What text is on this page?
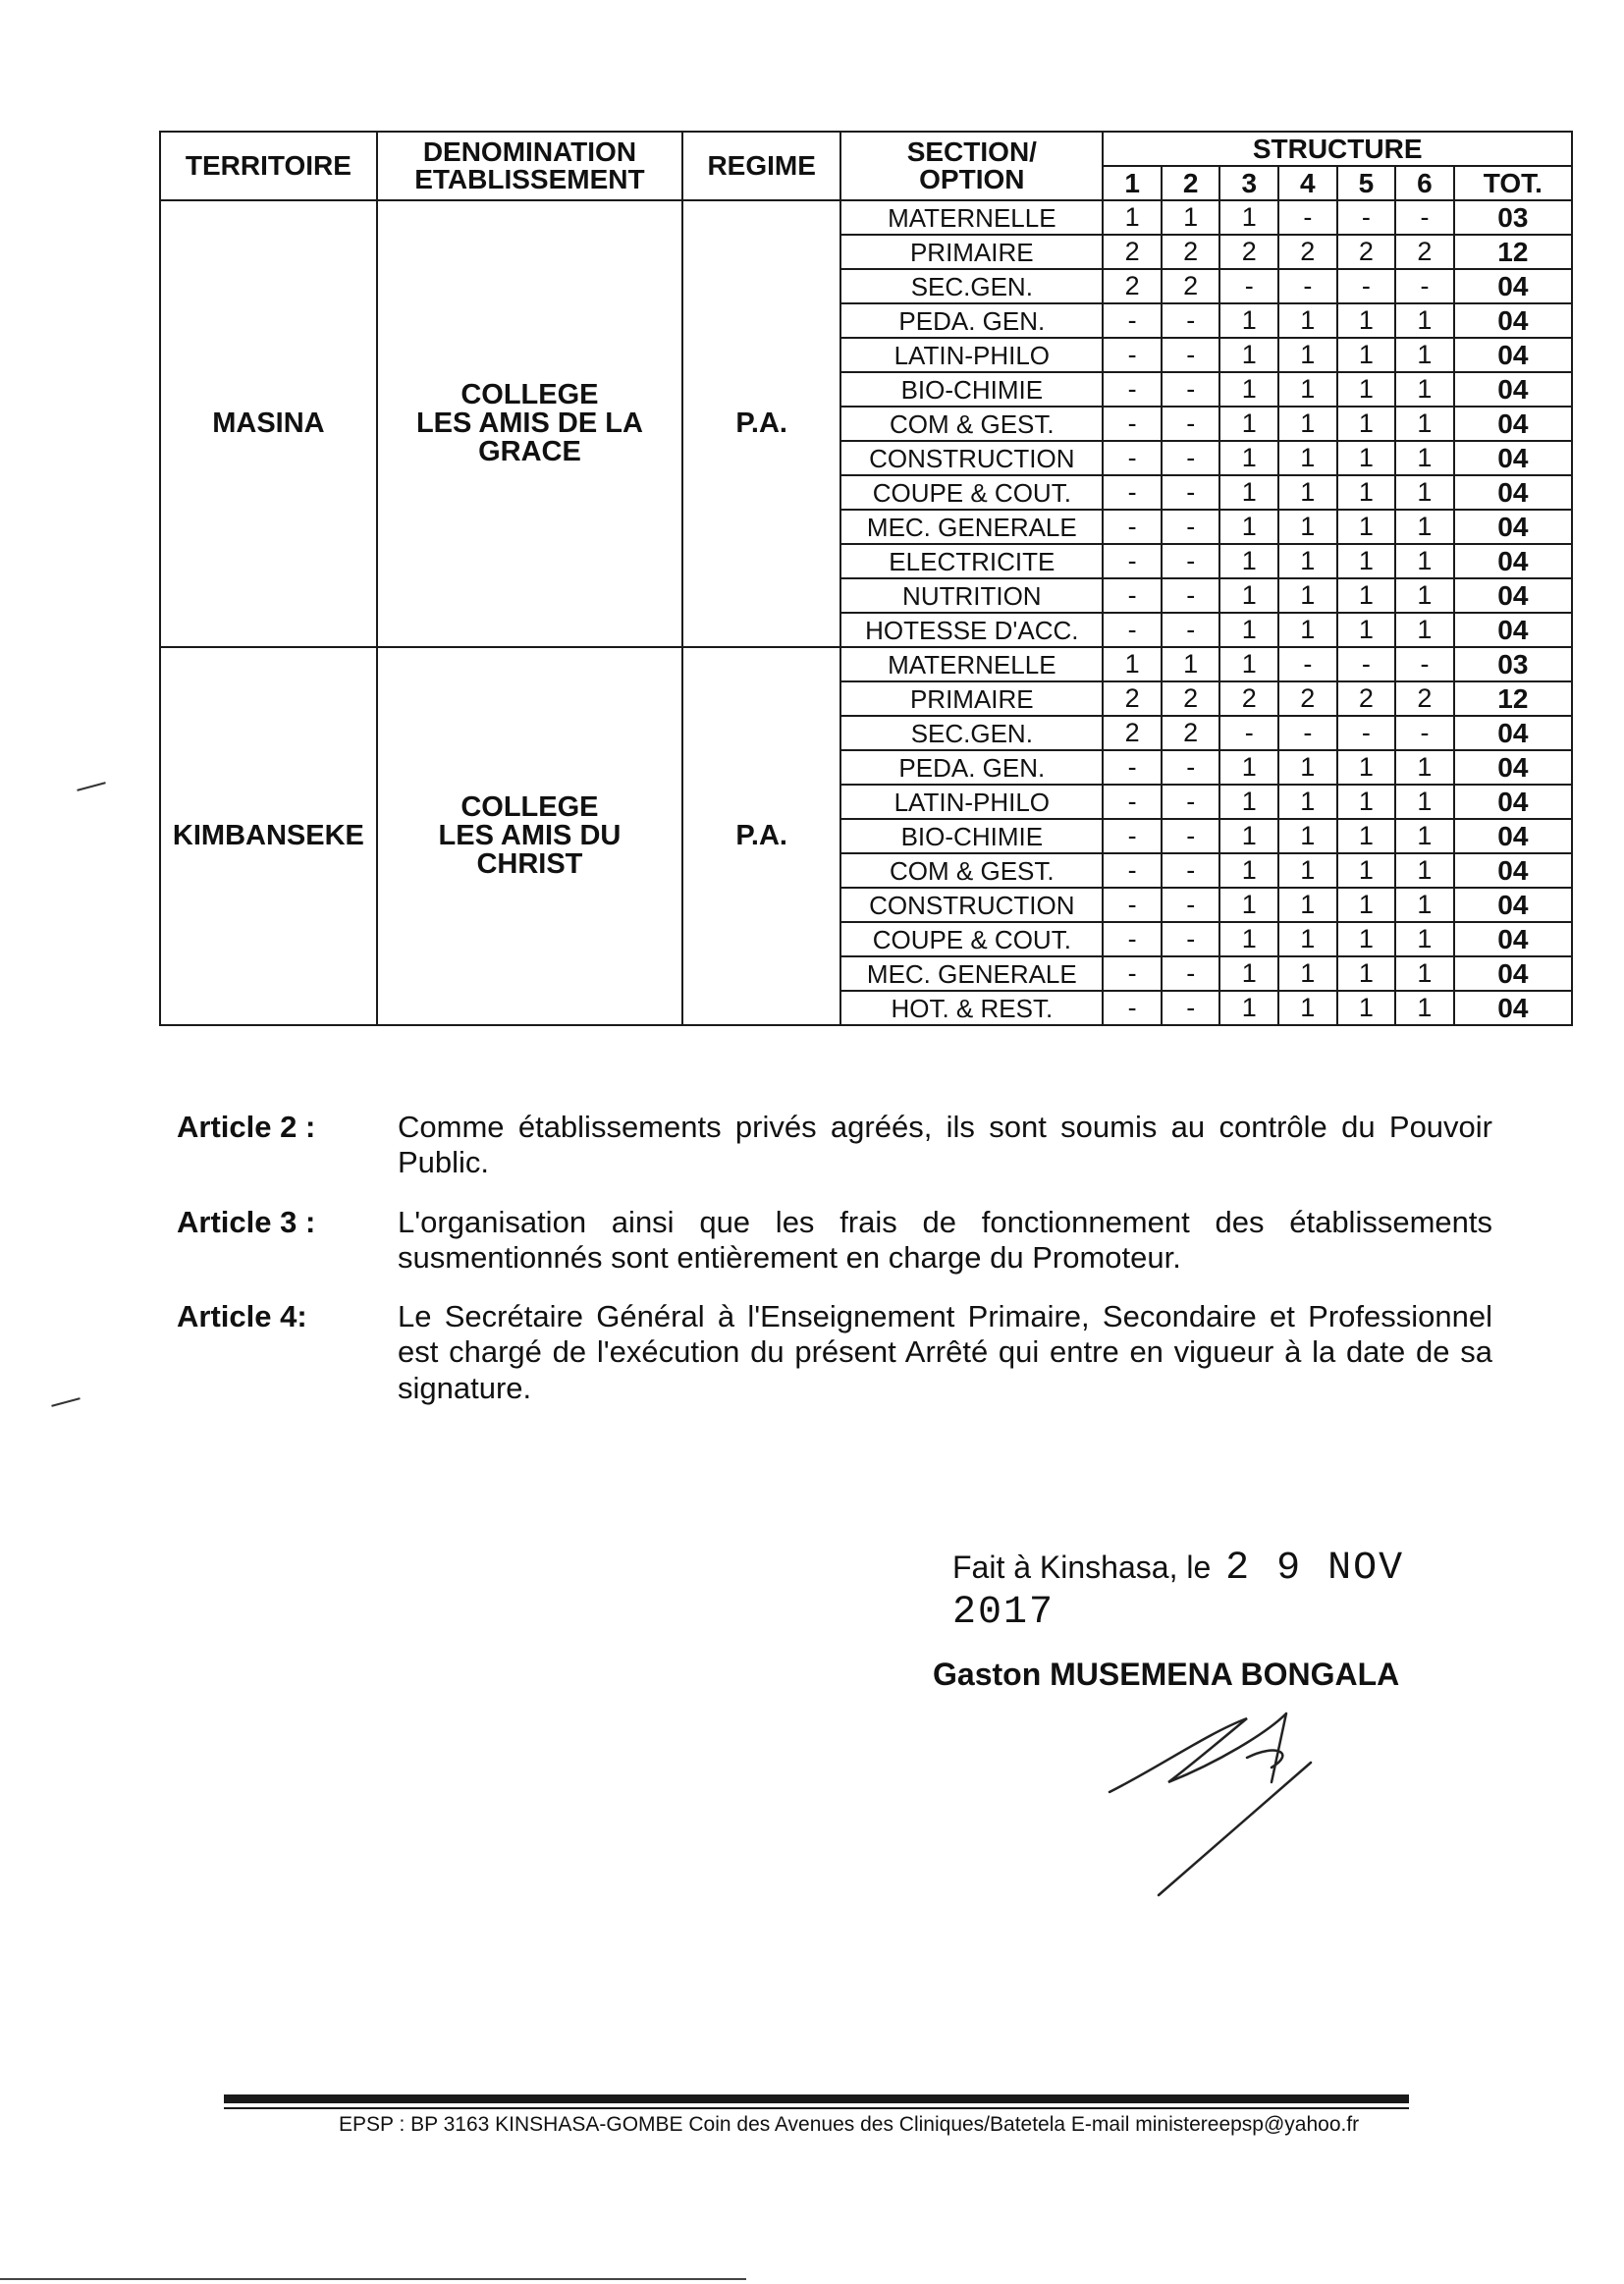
TERRITOIRE	DENOMINATION
ETABLISSEMENT	REGIME	SECTION/
OPTION	STRUCTURE						
				1	2	3	4	5	6	TOT.
MASINA	COLLEGE
LES AMIS DE LA
GRACE	P.A.	MATERNELLE	1	1	1	-	-	-	03
			PRIMAIRE	2	2	2	2	2	2	12
			SEC.GEN.	2	2	-	-	-	-	04
			PEDA. GEN.	-	-	1	1	1	1	04
			LATIN-PHILO	-	-	1	1	1	1	04
			BIO-CHIMIE	-	-	1	1	1	1	04
			COM & GEST.	-	-	1	1	1	1	04
			CONSTRUCTION	-	-	1	1	1	1	04
			COUPE & COUT.	-	-	1	1	1	1	04
			MEC. GENERALE	-	-	1	1	1	1	04
			ELECTRICITE	-	-	1	1	1	1	04
			NUTRITION	-	-	1	1	1	1	04
			HOTESSE D'ACC.	-	-	1	1	1	1	04
KIMBANSEKE	COLLEGE
LES AMIS DU
CHRIST	P.A.	MATERNELLE	1	1	1	-	-	-	03
			PRIMAIRE	2	2	2	2	2	2	12
			SEC.GEN.	2	2	-	-	-	-	04
			PEDA. GEN.	-	-	1	1	1	1	04
			LATIN-PHILO	-	-	1	1	1	1	04
			BIO-CHIMIE	-	-	1	1	1	1	04
			COM & GEST.	-	-	1	1	1	1	04
			CONSTRUCTION	-	-	1	1	1	1	04
			COUPE & COUT.	-	-	1	1	1	1	04
			MEC. GENERALE	-	-	1	1	1	1	04
			HOT. & REST.	-	-	1	1	1	1	04
Article 2 :	Comme établissements privés agréés, ils sont soumis au contrôle du Pouvoir Public.
Article 3 :	L'organisation ainsi que les frais de fonctionnement des établissements susmentionnés sont entièrement en charge du Promoteur.
Article 4:	Le Secrétaire Général à l'Enseignement Primaire, Secondaire et Professionnel est chargé de l'exécution du présent Arrêté qui entre en vigueur à la date de sa signature.
Fait à Kinshasa, le 2 9 NOV 2017
Gaston MUSEMENA BONGALA
EPSP : BP 3163 KINSHASA-GOMBE Coin des Avenues des Cliniques/Batetela E-mail ministereepsp@yahoo.fr
